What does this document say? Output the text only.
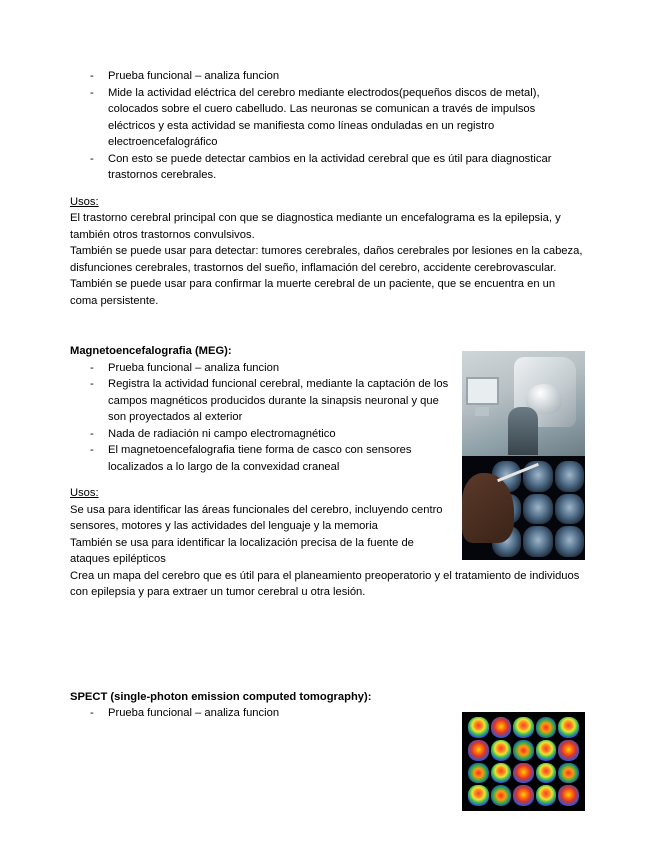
- Prueba funcional – analiza funcion
- Mide la actividad eléctrica del cerebro mediante electrodos(pequeños discos de metal), colocados sobre el cuero cabelludo. Las neuronas se comunican a través de impulsos eléctricos y esta actividad se manifiesta como líneas onduladas en un registro electroencefalográfico
- Con esto se puede detectar cambios en la actividad cerebral que es útil para diagnosticar trastornos cerebrales.

Usos:

El trastorno cerebral principal con que se diagnostica mediante un encefalograma es la epilepsia, y también otros trastornos convulsivos.

También se puede usar para detectar: tumores cerebrales, daños cerebrales por lesiones en la cabeza, disfunciones cerebrales, trastornos del sueño, inflamación del cerebro, accidente cerebrovascular.

También se puede usar para confirmar la muerte cerebral de un paciente, que se encuentra en un coma persistente.

Magnetoencefalografia (MEG):

- Prueba funcional – analiza funcion
- Registra la actividad funcional cerebral, mediante la captación de los campos magnéticos producidos durante la sinapsis neuronal y que son proyectados al exterior
- Nada de radiación ni campo electromagnético
- El magnetoencefalografia tiene forma de casco con sensores localizados a lo largo de la convexidad craneal

Usos:

Se usa para identificar las áreas funcionales del cerebro, incluyendo centro sensores, motores y las actividades del lenguaje y la memoria

También se usa para identificar la localización precisa de la fuente de ataques epilépticos

Crea un mapa del cerebro que es útil para el planeamiento preoperatorio y el tratamiento de individuos con epilepsia y para extraer un tumor cerebral u otra lesión.

SPECT (single-photon emission computed tomography):

- Prueba funcional – analiza funcion
